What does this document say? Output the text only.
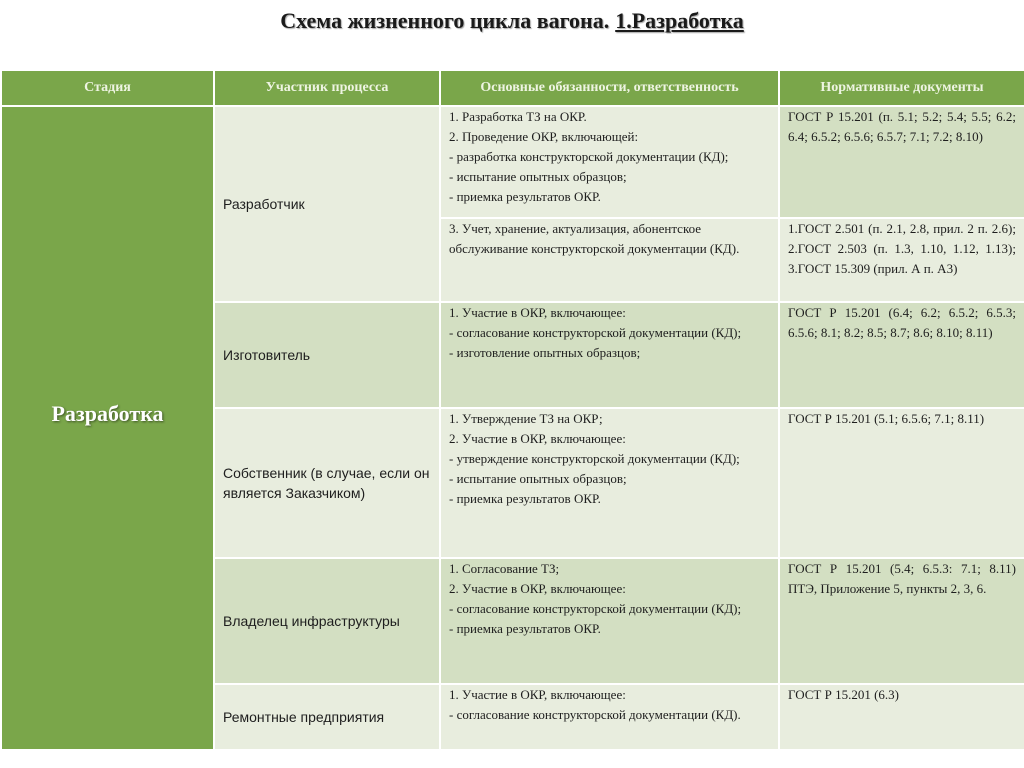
Схема жизненного цикла вагона. 1.Разработка
Стадия	Участник процесса	Основные обязанности, ответственность	Нормативные документы
Разработка	Разработчик	1. Разработка ТЗ на ОКР.
2. Проведение ОКР, включающей:
- разработка конструкторской документации (КД);
- испытание опытных образцов;
- приемка результатов ОКР.	ГОСТ Р 15.201 (п. 5.1; 5.2; 5.4; 5.5; 6.2; 6.4; 6.5.2; 6.5.6; 6.5.7; 7.1; 7.2; 8.10)

		3. Учет, хранение, актуализация, абонентское обслуживание конструкторской документации (КД).	1.ГОСТ 2.501 (п. 2.1, 2.8, прил. 2 п. 2.6); 2.ГОСТ 2.503 (п. 1.3, 1.10, 1.12, 1.13); 3.ГОСТ 15.309 (прил. А п. А3)
	Изготовитель	1. Участие в ОКР, включающее:
- согласование конструкторской документации (КД);
- изготовление опытных образцов;	ГОСТ Р 15.201 (6.4; 6.2; 6.5.2; 6.5.3; 6.5.6; 8.1; 8.2; 8.5; 8.7; 8.6; 8.10; 8.11)
	Собственник (в случае, если он является Заказчиком)	1. Утверждение ТЗ на ОКР;
2. Участие в ОКР, включающее:
- утверждение конструкторской документации (КД);
- испытание опытных образцов;
- приемка результатов ОКР.	ГОСТ Р 15.201 (5.1; 6.5.6; 7.1; 8.11)
	Владелец инфраструктуры	1. Согласование ТЗ;
2. Участие в ОКР, включающее:
- согласование конструкторской документации (КД);
- приемка результатов ОКР.	ГОСТ Р 15.201 (5.4; 6.5.3: 7.1; 8.11) ПТЭ, Приложение 5, пункты 2, 3, 6.
	Ремонтные предприятия	1. Участие в ОКР, включающее:
- согласование конструкторской документации (КД).	ГОСТ Р 15.201 (6.3)
